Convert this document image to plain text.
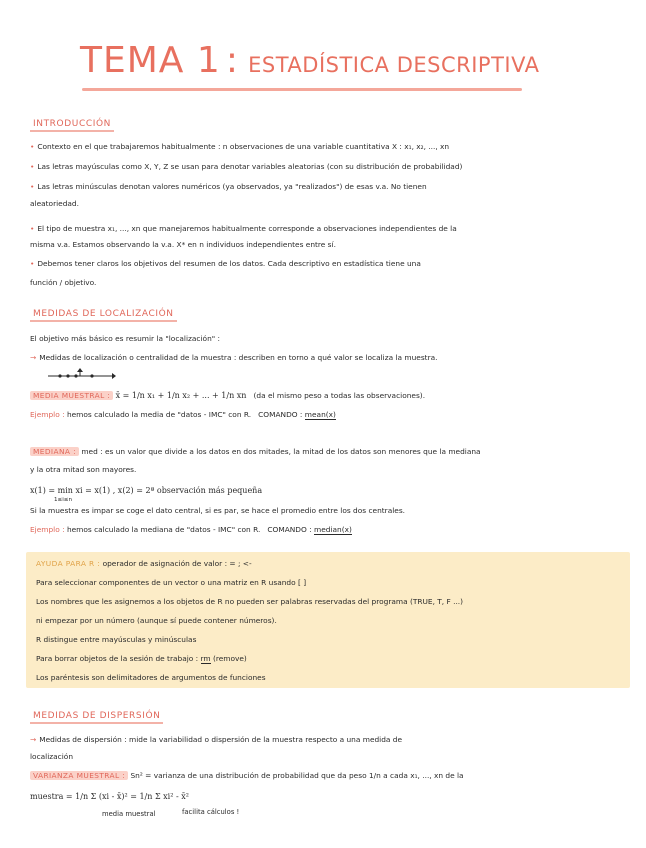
TEMA 1 : ESTADÍSTICA DESCRIPTIVA
INTRODUCCIÓN
• Contexto en el que trabajaremos habitualmente : n observaciones de una variable cuantitativa X : x₁, x₂, ..., xn
• Las letras mayúsculas como X, Y, Z se usan para denotar variables aleatorias (con su distribución de probabilidad)
• Las letras minúsculas denotan valores numéricos (ya observados, ya "realizados") de esas v.a. No tienen
aleatoriedad.
• El tipo de muestra x₁, ..., xn que manejaremos habitualmente corresponde a observaciones independientes de la
misma v.a. Estamos observando la v.a. X* en n individuos independientes entre sí.
• Debemos tener claros los objetivos del resumen de los datos. Cada descriptivo en estadística tiene una
función / objetivo.
MEDIDAS DE LOCALIZACIÓN
El objetivo más básico es resumir la "localización" :
→ Medidas de localización o centralidad de la muestra : describen en torno a qué valor se localiza la muestra.
MEDIA MUESTRAL : x̄ = 1/n x₁ + 1/n x₂ + ... + 1/n xn (da el mismo peso a todas las observaciones).
Ejemplo : hemos calculado la media de "datos - IMC" con R. COMANDO : mean(x)
MEDIANA : med : es un valor que divide a los datos en dos mitades, la mitad de los datos son menores que la mediana
y la otra mitad son mayores.
x(1) = min xi = x(1) , x(2) = 2ª observación más pequeña
1≤i≤n
Si la muestra es impar se coge el dato central, si es par, se hace el promedio entre los dos centrales.
Ejemplo : hemos calculado la mediana de "datos - IMC" con R. COMANDO : median(x)
AYUDA PARA R : operador de asignación de valor : = ; <-
Para seleccionar componentes de un vector o una matriz en R usando [ ]
Los nombres que les asignemos a los objetos de R no pueden ser palabras reservadas del programa (TRUE, T, F ...)
ni empezar por un número (aunque sí puede contener números).
R distingue entre mayúsculas y minúsculas
Para borrar objetos de la sesión de trabajo : rm (remove)
Los paréntesis son delimitadores de argumentos de funciones
MEDIDAS DE DISPERSIÓN
→ Medidas de dispersión : mide la variabilidad o dispersión de la muestra respecto a una medida de
localización
VARIANZA MUESTRAL : Sn² = varianza de una distribución de probabilidad que da peso 1/n a cada x₁, ..., xn de la
muestra = 1/n Σ (xi - x̄)² = 1/n Σ xi² - x̄²
media muestral	facilita cálculos !
